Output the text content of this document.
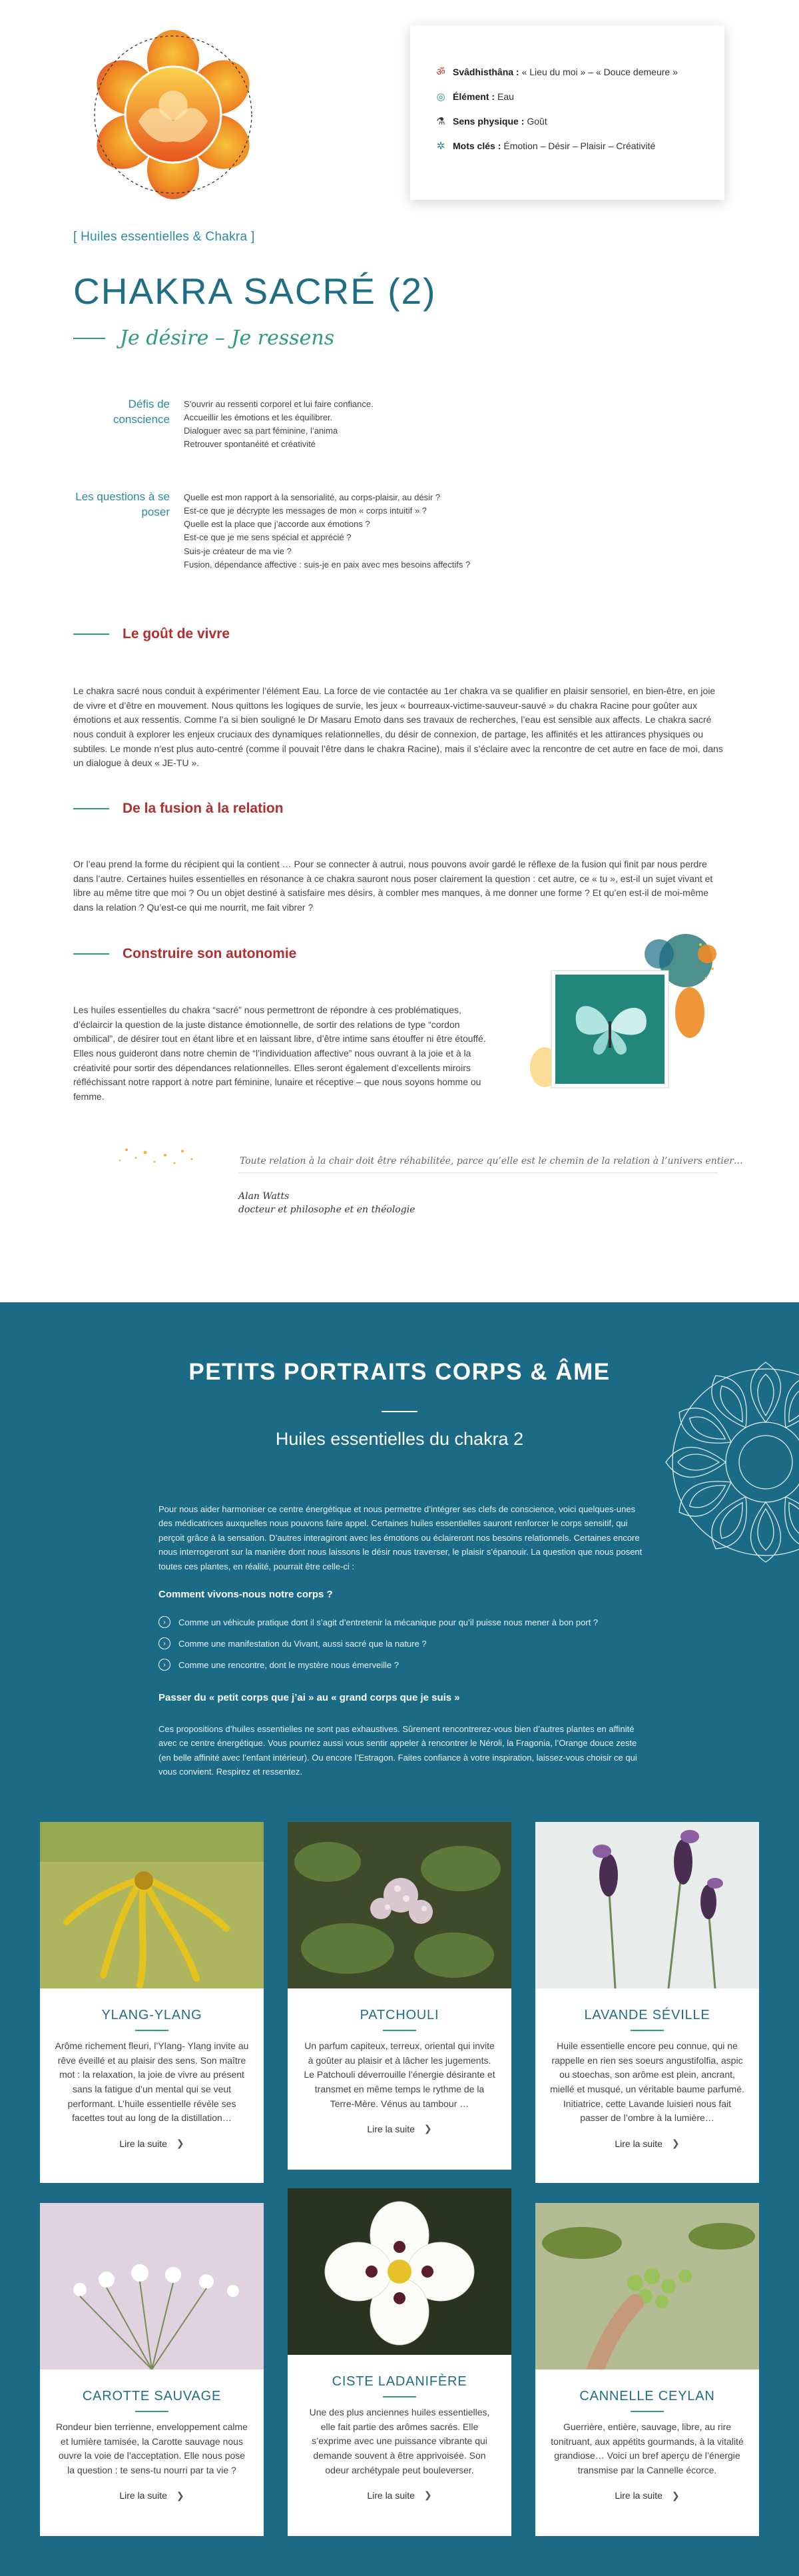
ॐ Svâdhisthâna : « Lieu du moi » – « Douce demeure »
◎ Élément : Eau
⚗ Sens physique : Goût
✲ Mots clés : Émotion – Désir – Plaisir – Créativité
[ Huiles essentielles & Chakra ]
CHAKRA SACRÉ (2)
Je désire – Je ressens
Défis de conscience
S’ouvrir au ressenti corporel et lui faire confiance.
Accueillir les émotions et les équilibrer.
Dialoguer avec sa part féminine, l’anima
Retrouver spontanéité et créativité
Les questions à se poser
Quelle est mon rapport à la sensorialité, au corps-plaisir, au désir ?
Est-ce que je décrypte les messages de mon « corps intuitif » ?
Quelle est la place que j’accorde aux émotions ?
Est-ce que je me sens spécial et apprécié ?
Suis-je créateur de ma vie ?
Fusion, dépendance affective : suis-je en paix avec mes besoins affectifs ?
Le goût de vivre

Le chakra sacré nous conduit à expérimenter l’élément Eau. La force de vie contactée au 1er chakra va se qualifier en plaisir sensoriel, en bien-être, en joie de vivre et d’être en mouvement. Nous quittons les logiques de survie, les jeux « bourreaux-victime-sauveur-sauvé » du chakra Racine pour goûter aux émotions et aux ressentis. Comme l’a si bien souligné le Dr Masaru Emoto dans ses travaux de recherches, l’eau est sensible aux affects. Le chakra sacré nous conduit à explorer les enjeux cruciaux des dynamiques relationnelles, du désir de connexion, de partage, les affinités et les attirances physiques ou subtiles. Le monde n’est plus auto-centré (comme il pouvait l’être dans le chakra Racine), mais il s’éclaire avec la rencontre de cet autre en face de moi, dans un dialogue à deux « JE-TU ».

De la fusion à la relation

Or l’eau prend la forme du récipient qui la contient … Pour se connecter à autrui, nous pouvons avoir gardé le réflexe de la fusion qui finit par nous perdre dans l’autre. Certaines huiles essentielles en résonance à ce chakra sauront nous poser clairement la question : cet autre, ce « tu », est-il un sujet vivant et libre au même titre que moi ? Ou un objet destiné à satisfaire mes désirs, à combler mes manques, à me donner une forme ? Et qu’en est-il de moi-même dans la relation ? Qu’est-ce qui me nourrit, me fait vibrer ?

Construire son autonomie

Les huiles essentielles du chakra “sacré” nous permettront de répondre à ces problématiques, d’éclaircir la question de la juste distance émotionnelle, de sortir des relations de type “cordon ombilical”, de désirer tout en étant libre et en laissant libre, d’être intime sans étouffer ni être étouffé. Elles nous guideront dans notre chemin de “l’individuation affective” nous ouvrant à la joie et à la créativité pour sortir des dépendances relationnelles. Elles seront également d’excellents miroirs réfléchissant notre rapport à notre part féminine, lunaire et réceptive – que nous soyons homme ou femme.

Toute relation à la chair doit être réhabilitée, parce qu’elle est le chemin de la relation à l’univers entier…
Alan Watts
docteur et philosophe et en théologie
PETITS PORTRAITS CORPS & ÂME
Huiles essentielles du chakra 2

Pour nous aider harmoniser ce centre énergétique et nous permettre d’intégrer ses clefs de conscience, voici quelques-unes des médicatrices auxquelles nous pouvons faire appel. Certaines huiles essentielles sauront renforcer le corps sensitif, qui perçoit grâce à la sensation. D’autres interagiront avec les émotions ou éclaireront nos besoins relationnels. Certaines encore nous interrogeront sur la manière dont nous laissons le désir nous traverser, le plaisir s’épanouir. La question que nous posent toutes ces plantes, en réalité, pourrait être celle-ci :

Comment vivons-nous notre corps ?
›	Comme un véhicule pratique dont il s’agit d’entretenir la mécanique pour qu’il puisse nous mener à bon port ?
›	Comme une manifestation du Vivant, aussi sacré que la nature ?
›	Comme une rencontre, dont le mystère nous émerveille ?
Passer du « petit corps que j’ai » au « grand corps que je suis »

Ces propositions d’huiles essentielles ne sont pas exhaustives. Sûrement rencontrerez-vous bien d’autres plantes en affinité avec ce centre énergétique. Vous pourriez aussi vous sentir appeler à rencontrer le Néroli, la Fragonia, l’Orange douce zeste (en belle affinité avec l’enfant intérieur). Ou encore l’Estragon. Faites confiance à votre inspiration, laissez-vous choisir ce qui vous convient. Respirez et ressentez.

YLANG-YLANG

Arôme richement fleuri, l’Ylang- Ylang invite au rêve éveillé et au plaisir des sens. Son maître mot : la relaxation, la joie de vivre au présent sans la fatigue d’un mental qui se veut performant. L’huile essentielle révèle ses facettes tout au long de la distillation…

Lire la suite ❯
PATCHOULI

Un parfum capiteux, terreux, oriental qui invite à goûter au plaisir et à lâcher les jugements. Le Patchouli déverrouille l’énergie désirante et transmet en même temps le rythme de la Terre-Mère. Vénus au tambour …

Lire la suite ❯
LAVANDE SÉVILLE

Huile essentielle encore peu connue, qui ne rappelle en rien ses soeurs angustifolfia, aspic ou stoechas, son arôme est plein, ancrant, miellé et musqué, un véritable baume parfumé. Initiatrice, cette Lavande luisieri nous fait passer de l’ombre à la lumière…

Lire la suite ❯
CAROTTE SAUVAGE

Rondeur bien terrienne, enveloppement calme et lumière tamisée, la Carotte sauvage nous ouvre la voie de l’acceptation. Elle nous pose la question : te sens-tu nourri par ta vie ?

Lire la suite ❯
CISTE LADANIFÈRE

Une des plus anciennes huiles essentielles, elle fait partie des arômes sacrés. Elle s’exprime avec une puissance vibrante qui demande souvent à être apprivoisée. Son odeur archétypale peut bouleverser.

Lire la suite ❯
CANNELLE CEYLAN

Guerrière, entière, sauvage, libre, au rire tonitruant, aux appétits gourmands, à la vitalité grandiose… Voici un bref aperçu de l’énergie transmise par la Cannelle écorce.

Lire la suite ❯
